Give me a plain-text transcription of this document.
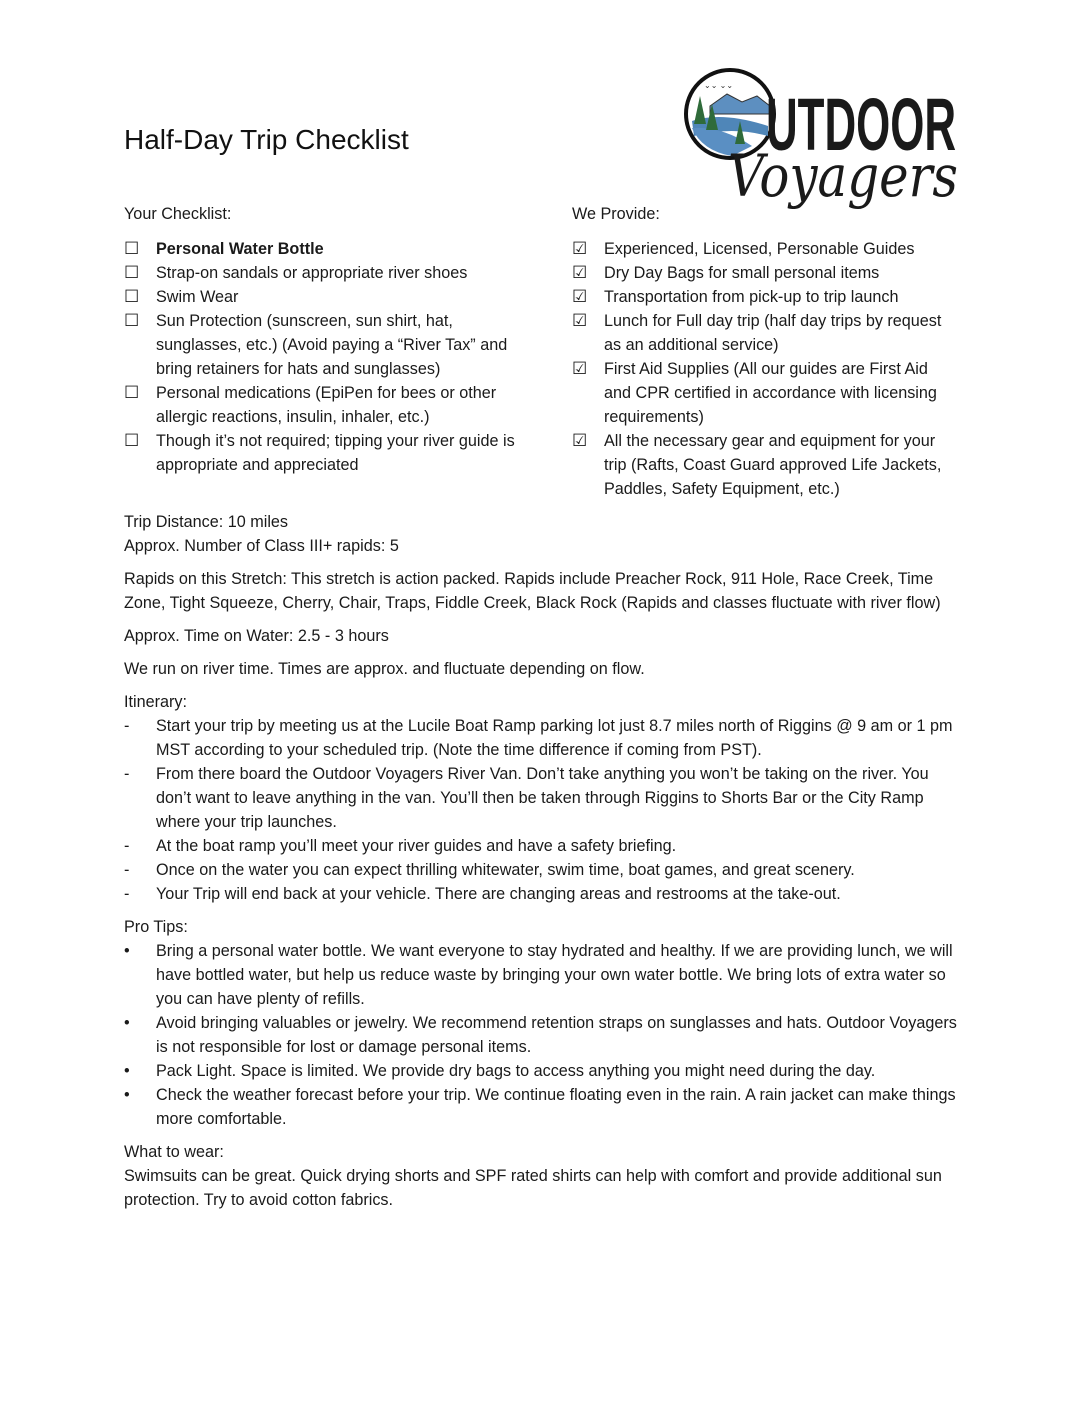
Half-Day Trip Checklist
⌄⌄ ⌄⌄ UTDOOR
Voyagers
Your Checklist:
☐	Personal Water Bottle
☐	Strap-on sandals or appropriate river shoes
☐	Swim Wear
☐	Sun Protection (sunscreen, sun shirt, hat, sunglasses, etc.) (Avoid paying a “River Tax” and bring retainers for hats and sunglasses)
☐	Personal medications (EpiPen for bees or other allergic reactions, insulin, inhaler, etc.)
☐	Though it’s not required; tipping your river guide is appropriate and appreciated
We Provide:
☑	Experienced, Licensed, Personable Guides
☑	Dry Day Bags for small personal items
☑	Transportation from pick-up to trip launch
☑	Lunch for Full day trip (half day trips by request as an additional service)
☑	First Aid Supplies (All our guides are First Aid and CPR certified in accordance with licensing requirements)
☑	All the necessary gear and equipment for your trip (Rafts, Coast Guard approved Life Jackets, Paddles, Safety Equipment, etc.)

Trip Distance: 10 miles
Approx. Number of Class III+ rapids: 5

Rapids on this Stretch: This stretch is action packed. Rapids include Preacher Rock, 911 Hole, Race Creek, Time Zone, Tight Squeeze, Cherry, Chair, Traps, Fiddle Creek, Black Rock (Rapids and classes fluctuate with river flow)

Approx. Time on Water: 2.5 - 3 hours

We run on river time. Times are approx. and fluctuate depending on flow.

Itinerary:
-	Start your trip by meeting us at the Lucile Boat Ramp parking lot just 8.7 miles north of Riggins @ 9 am or 1 pm MST according to your scheduled trip. (Note the time difference if coming from PST).
-	From there board the Outdoor Voyagers River Van. Don’t take anything you won’t be taking on the river. You don’t want to leave anything in the van. You’ll then be taken through Riggins to Shorts Bar or the City Ramp where your trip launches.
-	At the boat ramp you’ll meet your river guides and have a safety briefing.
-	Once on the water you can expect thrilling whitewater, swim time, boat games, and great scenery.
-	Your Trip will end back at your vehicle. There are changing areas and restrooms at the take-out.
Pro Tips:
•	Bring a personal water bottle. We want everyone to stay hydrated and healthy. If we are providing lunch, we will have bottled water, but help us reduce waste by bringing your own water bottle. We bring lots of extra water so you can have plenty of refills.
•	Avoid bringing valuables or jewelry. We recommend retention straps on sunglasses and hats. Outdoor Voyagers is not responsible for lost or damage personal items.
•	Pack Light. Space is limited. We provide dry bags to access anything you might need during the day.
•	Check the weather forecast before your trip. We continue floating even in the rain. A rain jacket can make things more comfortable.
What to wear:
Swimsuits can be great. Quick drying shorts and SPF rated shirts can help with comfort and provide additional sun protection. Try to avoid cotton fabrics.
